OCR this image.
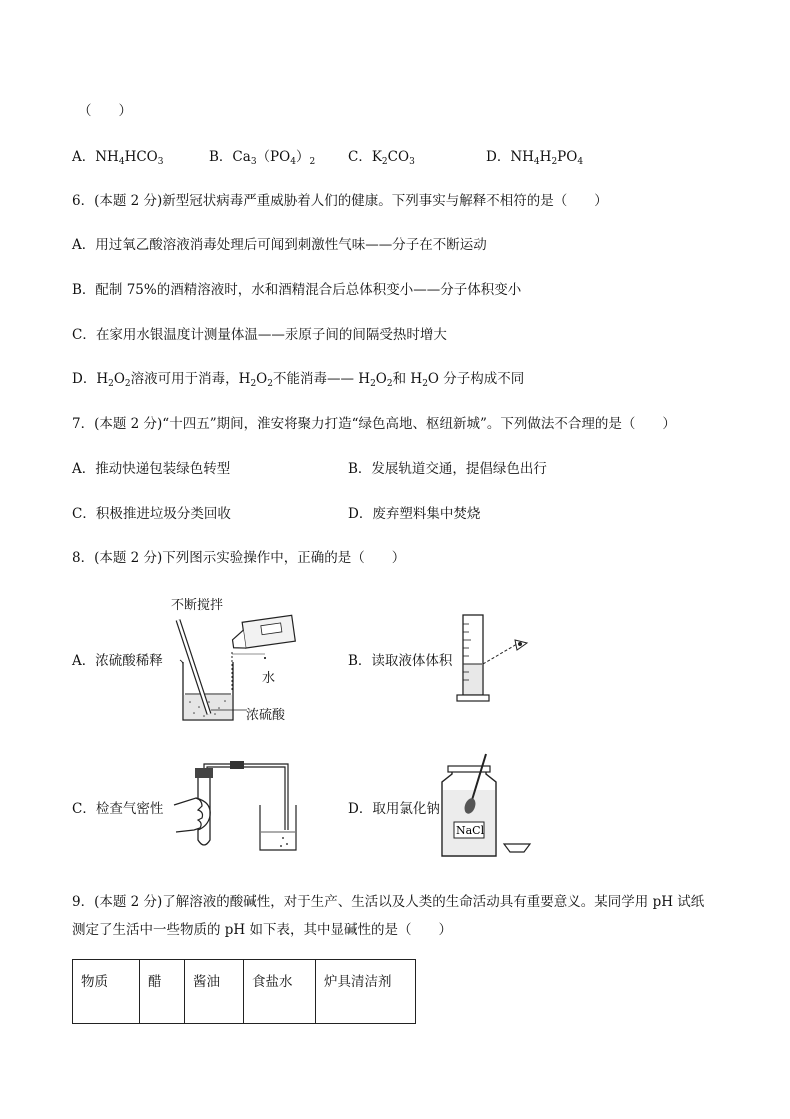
（　　）
A．$NH_4HCO_3$	B．$Ca_3(PO_4)_2$ C．$K_2CO_3$	D．$NH_4H_2PO_4$
6．(本题 2 分)新型冠状病毒严重威胁着人们的健康。下列事实与解释不相符的是（　　）
A．用过氧乙酸溶液消毒处理后可闻到刺激性气味——分子在不断运动
B．配制 75%的酒精溶液时，水和酒精混合后总体积变小——分子体积变小
C．在家用水银温度计测量体温——汞原子间的间隔受热时增大
D．$H_2O_2$溶液可用于消毒，$H_2O_2$不能消毒—— $H_2O_2$和 $H_2O$ 分子构成不同
7．(本题 2 分)“十四五”期间，淮安将聚力打造“绿色高地、枢纽新城”。下列做法不合理的是（　　）
A．推动快递包装绿色转型	B．发展轨道交通，提倡绿色出行
C．积极推进垃圾分类回收	D．废弃塑料集中焚烧
8．(本题 2 分)下列图示实验操作中，正确的是（　　）
A．浓硫酸稀释	B．读取液体体积
C．检查气密性	D．取用氯化钠
不断搅拌
水
浓硫酸
NaCl
9．(本题 2 分)了解溶液的酸碱性，对于生产、生活以及人类的生命活动具有重要意义。某同学用 pH 试纸
测定了生活中一些物质的 pH 如下表，其中显碱性的是（　　）
物质	醋	酱油	食盐水	炉具清洁剂
